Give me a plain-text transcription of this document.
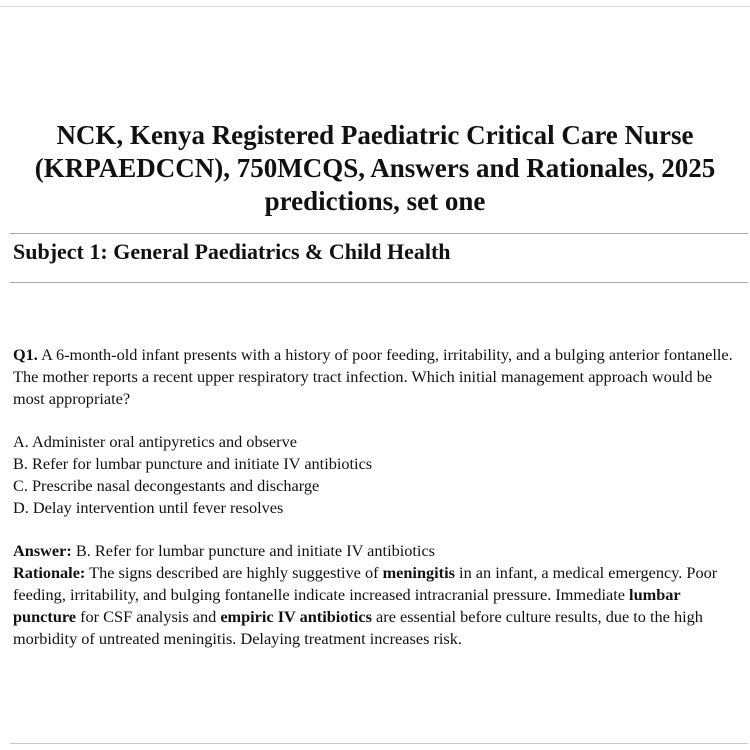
NCK, Kenya Registered Paediatric Critical Care Nurse (KRPAEDCCN), 750MCQS, Answers and Rationales, 2025 predictions, set one
Subject 1: General Paediatrics & Child Health

Q1. A 6-month-old infant presents with a history of poor feeding, irritability, and a bulging anterior fontanelle. The mother reports a recent upper respiratory tract infection. Which initial management approach would be most appropriate?

A. Administer oral antipyretics and observe
B. Refer for lumbar puncture and initiate IV antibiotics
C. Prescribe nasal decongestants and discharge
D. Delay intervention until fever resolves
Answer: B. Refer for lumbar puncture and initiate IV antibiotics
Rationale: The signs described are highly suggestive of meningitis in an infant, a medical emergency. Poor feeding, irritability, and bulging fontanelle indicate increased intracranial pressure. Immediate lumbar puncture for CSF analysis and empiric IV antibiotics are essential before culture results, due to the high morbidity of untreated meningitis. Delaying treatment increases risk.
